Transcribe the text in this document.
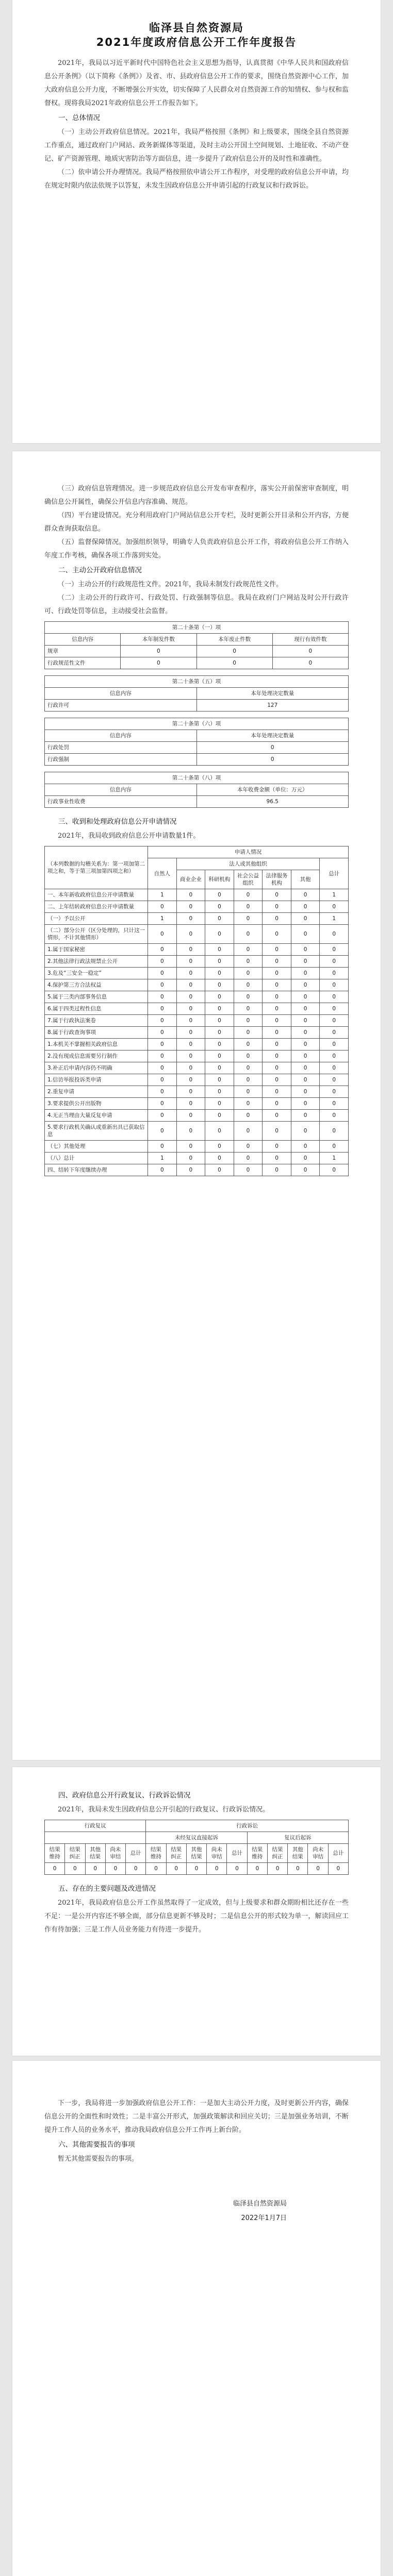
临泽县自然资源局
2021年度政府信息公开工作年度报告

2021年，我局以习近平新时代中国特色社会主义思想为指导，认真贯彻《中华人民共和国政府信息公开条例》（以下简称《条例》）及省、市、县政府信息公开工作的要求，围绕自然资源中心工作，加大政府信息公开力度，不断增强公开实效，切实保障了人民群众对自然资源工作的知情权、参与权和监督权。现将我局2021年政府信息公开工作报告如下。

一、总体情况

（一）主动公开政府信息情况。2021年，我局严格按照《条例》和上级要求，围绕全县自然资源工作重点，通过政府门户网站、政务新媒体等渠道，及时主动公开国土空间规划、土地征收、不动产登记、矿产资源管理、地质灾害防治等方面信息，进一步提升了政府信息公开的及时性和准确性。

（二）依申请公开办理情况。我局严格按照依申请公开工作程序，对受理的政府信息公开申请，均在规定时限内依法依规予以答复，未发生因政府信息公开申请引起的行政复议和行政诉讼。

（三）政府信息管理情况。进一步规范政府信息公开发布审查程序，落实公开前保密审查制度，明确信息公开属性，确保公开信息内容准确、规范。

（四）平台建设情况。充分利用政府门户网站信息公开专栏，及时更新公开目录和公开内容，方便群众查询获取信息。

（五）监督保障情况。加强组织领导，明确专人负责政府信息公开工作，将政府信息公开工作纳入年度工作考核，确保各项工作落到实处。

二、主动公开政府信息情况

（一）主动公开的行政规范性文件。2021年，我局未制发行政规范性文件。

（二）主动公开的行政许可、行政处罚、行政强制等信息。我局在政府门户网站及时公开行政许可、行政处罚等信息，主动接受社会监督。

第二十条第（一）项			
信息内容	本年制发件数	本年废止件数	现行有效件数
规章	0	0	0
行政规范性文件	0	0	0
第二十条第（五）项	
信息内容	本年处理决定数量
行政许可	127
第二十条第（六）项	
信息内容	本年处理决定数量
行政处罚	0
行政强制	0
第二十条第（八）项	
信息内容	本年收费金额（单位：万元）
行政事业性收费	96.5

三、收到和处理政府信息公开申请情况

2021年，我局收到政府信息公开申请数量1件。

（本列数据的勾稽关系为：第一项加第二项之和，等于第三项加第四项之和）	申请人情况						
	自然人	法人或其他组织					总计
		商业企业	科研机构	社会公益组织	法律服务机构	其他	
一、本年新收政府信息公开申请数量	1	0	0	0	0	0	1
二、上年结转政府信息公开申请数量	0	0	0	0	0	0	0
（一）予以公开	1	0	0	0	0	0	1
（二）部分公开（区分处理的，只计这一情形，不计其他情形）	0	0	0	0	0	0	0
1.属于国家秘密	0	0	0	0	0	0	0
2.其他法律行政法规禁止公开	0	0	0	0	0	0	0
3.危及“三安全一稳定”	0	0	0	0	0	0	0
4.保护第三方合法权益	0	0	0	0	0	0	0
5.属于三类内部事务信息	0	0	0	0	0	0	0
6.属于四类过程性信息	0	0	0	0	0	0	0
7.属于行政执法案卷	0	0	0	0	0	0	0
8.属于行政查询事项	0	0	0	0	0	0	0
1.本机关不掌握相关政府信息	0	0	0	0	0	0	0
2.没有现成信息需要另行制作	0	0	0	0	0	0	0
3.补正后申请内容仍不明确	0	0	0	0	0	0	0
1.信访举报投诉类申请	0	0	0	0	0	0	0
2.重复申请	0	0	0	0	0	0	0
3.要求提供公开出版物	0	0	0	0	0	0	0
4.无正当理由大量反复申请	0	0	0	0	0	0	0
5.要求行政机关确认或重新出具已获取信息	0	0	0	0	0	0	0
（七）其他处理	0	0	0	0	0	0	0
（八）总计	1	0	0	0	0	0	1
四、结转下年度继续办理	0	0	0	0	0	0	0

四、政府信息公开行政复议、行政诉讼情况

2021年，我局未发生因政府信息公开引起的行政复议、行政诉讼情况。

行政复议					行政诉讼									
					未经复议直接起诉					复议后起诉				
结果维持	结果纠正	其他结果	尚未审结	总计	结果维持	结果纠正	其他结果	尚未审结	总计	结果维持	结果纠正	其他结果	尚未审结	总计
0	0	0	0	0	0	0	0	0	0	0	0	0	0	0

五、存在的主要问题及改进情况

2021年，我局政府信息公开工作虽然取得了一定成效，但与上级要求和群众期盼相比还存在一些不足：一是公开内容还不够全面，部分信息更新不够及时；二是信息公开的形式较为单一，解读回应工作有待加强；三是工作人员业务能力有待进一步提升。

下一步，我局将进一步加强政府信息公开工作：一是加大主动公开力度，及时更新公开内容，确保信息公开的全面性和时效性；二是丰富公开形式，加强政策解读和回应关切；三是加强业务培训，不断提升工作人员的业务水平，推动我局政府信息公开工作再上新台阶。

六、其他需要报告的事项

暂无其他需要报告的事项。

临泽县自然资源局
2022年1月7日
